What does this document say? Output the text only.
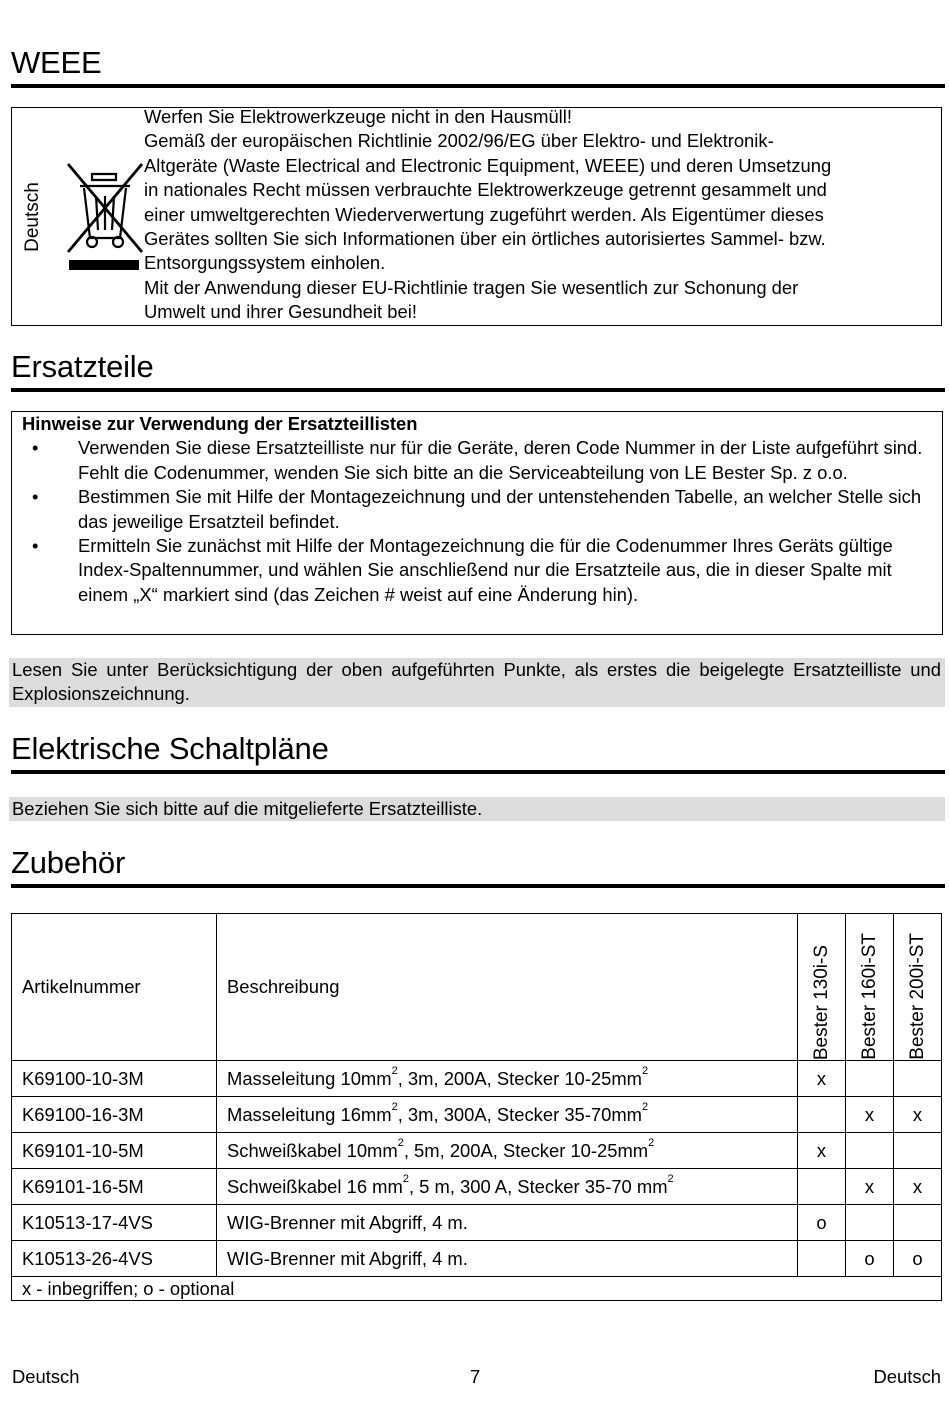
WEEE
Deutsch
Werfen Sie Elektrowerkzeuge nicht in den Hausmüll!
Gemäß der europäischen Richtlinie 2002/96/EG über Elektro- und Elektronik-
Altgeräte (Waste Electrical and Electronic Equipment, WEEE) und deren Umsetzung
in nationales Recht müssen verbrauchte Elektrowerkzeuge getrennt gesammelt und
einer umweltgerechten Wiederverwertung zugeführt werden. Als Eigentümer dieses
Gerätes sollten Sie sich Informationen über ein örtliches autorisiertes Sammel- bzw.
Entsorgungssystem einholen.
Mit der Anwendung dieser EU-Richtlinie tragen Sie wesentlich zur Schonung der
Umwelt und ihrer Gesundheit bei!
Ersatzteile
Hinweise zur Verwendung der Ersatzteillisten
• Verwenden Sie diese Ersatzteilliste nur für die Geräte, deren Code Nummer in der Liste aufgeführt sind. Fehlt die Codenummer, wenden Sie sich bitte an die Serviceabteilung von LE Bester Sp. z o.o.
• Bestimmen Sie mit Hilfe der Montagezeichnung und der untenstehenden Tabelle, an welcher Stelle sich das jeweilige Ersatzteil befindet.
• Ermitteln Sie zunächst mit Hilfe der Montagezeichnung die für die Codenummer Ihres Geräts gültige Index-Spaltennummer, und wählen Sie anschließend nur die Ersatzteile aus, die in dieser Spalte mit einem „X“ markiert sind (das Zeichen # weist auf eine Änderung hin).
Lesen Sie unter Berücksichtigung der oben aufgeführten Punkte, als erstes die beigelegte Ersatzteilliste und Explosionszeichnung.
Elektrische Schaltpläne
Beziehen Sie sich bitte auf die mitgelieferte Ersatzteilliste.
Zubehör
Artikelnummer	Beschreibung	Bester 130i-S	Bester 160i-ST	Bester 200i-ST

K69100-10-3M	Masseleitung $10mm^2$, 3m, 200A, Stecker $10-25mm^2$	x		
K69100-16-3M	Masseleitung $16mm^2$, 3m, 300A, Stecker $35-70mm^2$		x	x
K69101-10-5M	Schweißkabel $10mm^2$, 5m, 200A, Stecker $10-25mm^2$	x		
K69101-16-5M	Schweißkabel 16 $mm^2$, 5 m, 300 A, Stecker 35-70 $mm^2$		x	x
K10513-17-4VS	WIG-Brenner mit Abgriff, 4 m.	o		
K10513-26-4VS	WIG-Brenner mit Abgriff, 4 m.		o	o
x - inbegriffen; o - optional				
Deutsch	7	Deutsch
